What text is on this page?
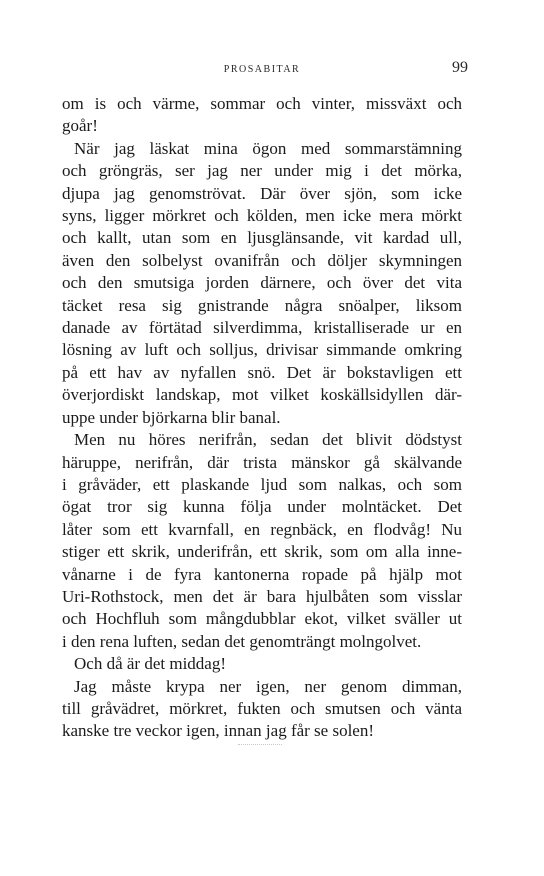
PROSABITAR	99
om is och värme, sommar och vinter, missväxt och
goår!
När jag läskat mina ögon med sommarstämning
och gröngräs, ser jag ner under mig i det mörka,
djupa jag genomströvat. Där över sjön, som icke
syns, ligger mörkret och kölden, men icke mera mörkt
och kallt, utan som en ljusglänsande, vit kardad ull,
även den solbelyst ovanifrån och döljer skymningen
och den smutsiga jorden därnere, och över det vita
täcket resa sig gnistrande några snöalper, liksom
danade av förtätad silverdimma, kristalliserade ur en
lösning av luft och solljus, drivisar simmande omkring
på ett hav av nyfallen snö. Det är bokstavligen ett
överjordiskt landskap, mot vilket koskällsidyllen där-
uppe under björkarna blir banal.
Men nu höres nerifrån, sedan det blivit dödstyst
häruppe, nerifrån, där trista mänskor gå skälvande
i gråväder, ett plaskande ljud som nalkas, och som
ögat tror sig kunna följa under molntäcket. Det
låter som ett kvarnfall, en regnbäck, en flodvåg! Nu
stiger ett skrik, underifrån, ett skrik, som om alla inne-
vånarne i de fyra kantonerna ropade på hjälp mot
Uri-Rothstock, men det är bara hjulbåten som visslar
och Hochfluh som mångdubblar ekot, vilket sväller ut
i den rena luften, sedan det genomträngt molngolvet.
Och då är det middag!
Jag måste krypa ner igen, ner genom dimman,
till gråvädret, mörkret, fukten och smutsen och vänta
kanske tre veckor igen, innan jag får se solen!
